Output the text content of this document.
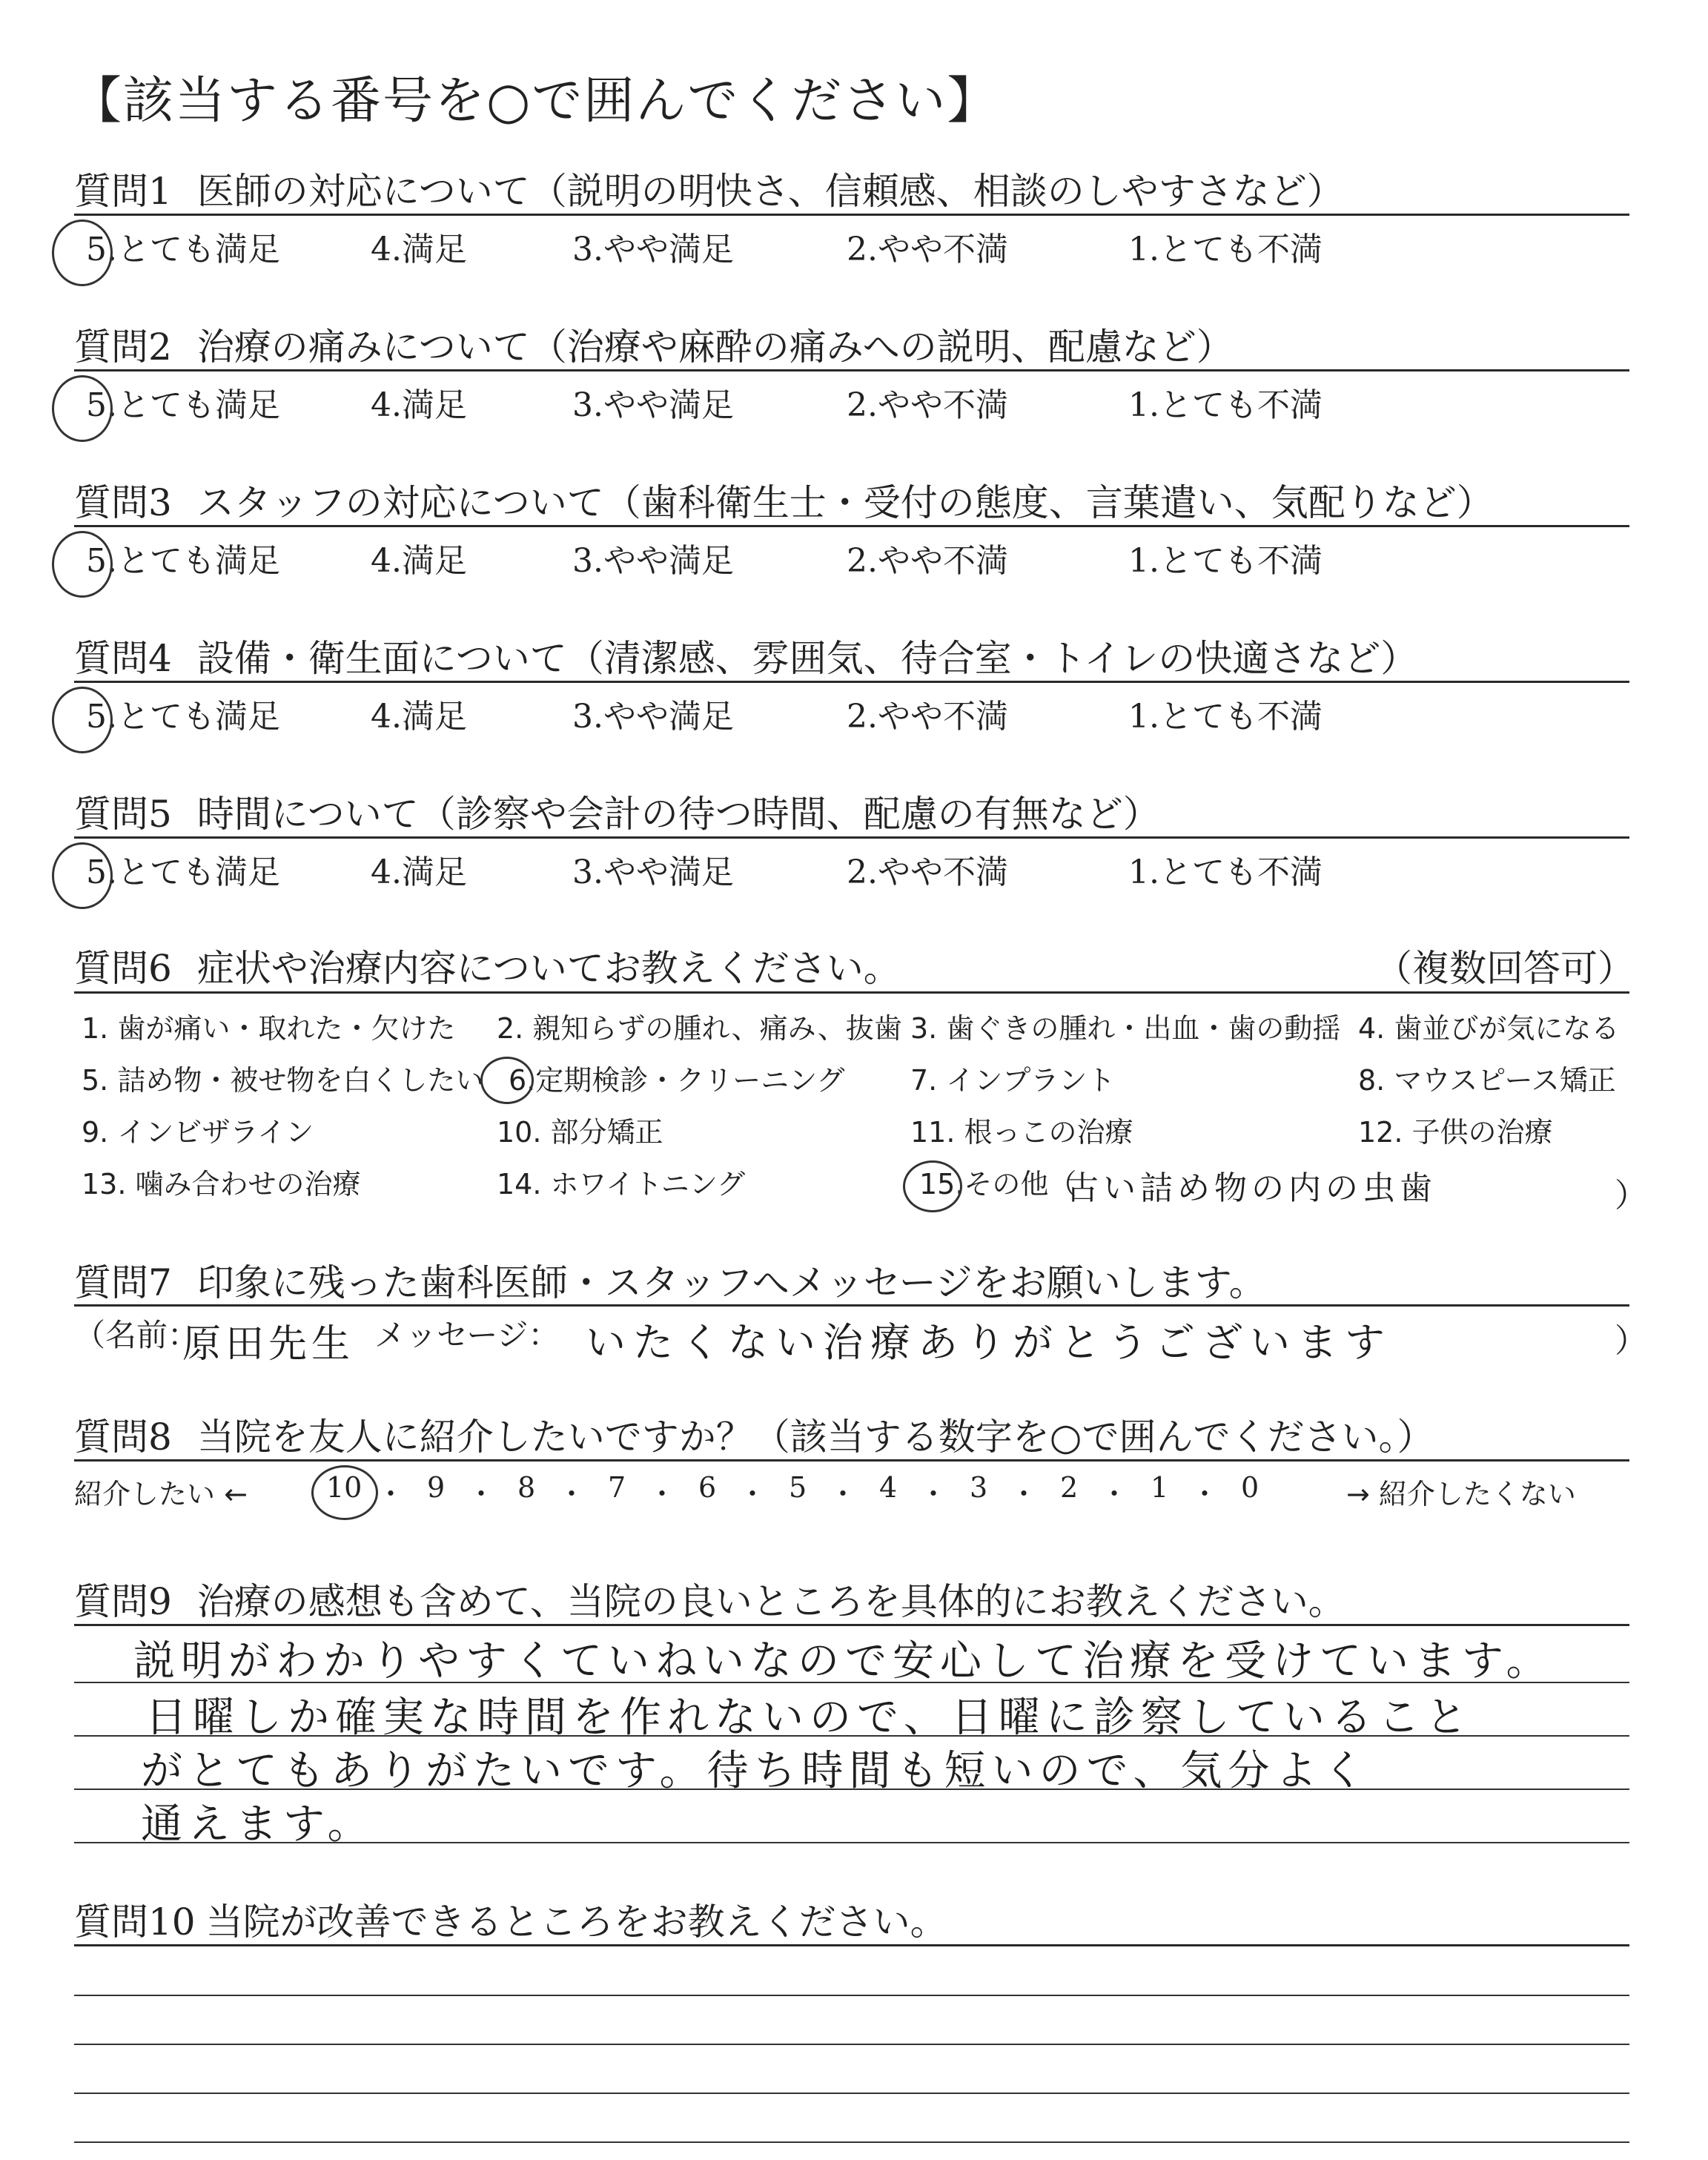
【該当する番号を○で囲んでください】
質問1 医師の対応について（説明の明快さ、信頼感、相談のしやすさなど）
5.とても満足	4.満足	3.やや満足	2.やや不満	1.とても不満
質問2 治療の痛みについて（治療や麻酔の痛みへの説明、配慮など）
5.とても満足	4.満足	3.やや満足	2.やや不満	1.とても不満
質問3 スタッフの対応について（歯科衛生士・受付の態度、言葉遣い、気配りなど）
5.とても満足	4.満足	3.やや満足	2.やや不満	1.とても不満
質問4 設備・衛生面について（清潔感、雰囲気、待合室・トイレの快適さなど）
5.とても満足	4.満足	3.やや満足	2.やや不満	1.とても不満
質問5 時間について（診察や会計の待つ時間、配慮の有無など）
5.とても満足	4.満足	3.やや満足	2.やや不満	1.とても不満
質問6 症状や治療内容についてお教えください。	（複数回答可）
1. 歯が痛い・取れた・欠けた 2. 親知らずの腫れ、痛み、抜歯 3. 歯ぐきの腫れ・出血・歯の動揺 4. 歯並びが気になる
5. 詰め物・被せ物を白くしたい 6.定期検診・クリーニング 7. インプラント	8. マウスピース矯正
9. インビザライン	10. 部分矯正	11. 根っこの治療	12. 子供の治療
13. 噛み合わせの治療	14. ホワイトニング	15.その他（
古い詰め物の内の虫歯	）
質問7 印象に残った歯科医師・スタッフへメッセージをお願いします。
（名前：
原田先生 メッセージ： いたくない治療ありがとうございます	）
質問8 当院を友人に紹介したいですか？（該当する数字を○で囲んでください。）
紹介したい ←	→ 紹介したくない
10 ・ 9 ・ 8 ・ 7 ・ 6 ・ 5 ・ 4 ・ 3 ・ 2 ・ 1 ・ 0
質問9 治療の感想も含めて、当院の良いところを具体的にお教えください。
説明がわかりやすくていねいなので安心して治療を受けています。
日曜しか確実な時間を作れないので、日曜に診察していること
がとてもありがたいです。待ち時間も短いので、気分よく
通えます。
質問10 当院が改善できるところをお教えください。
